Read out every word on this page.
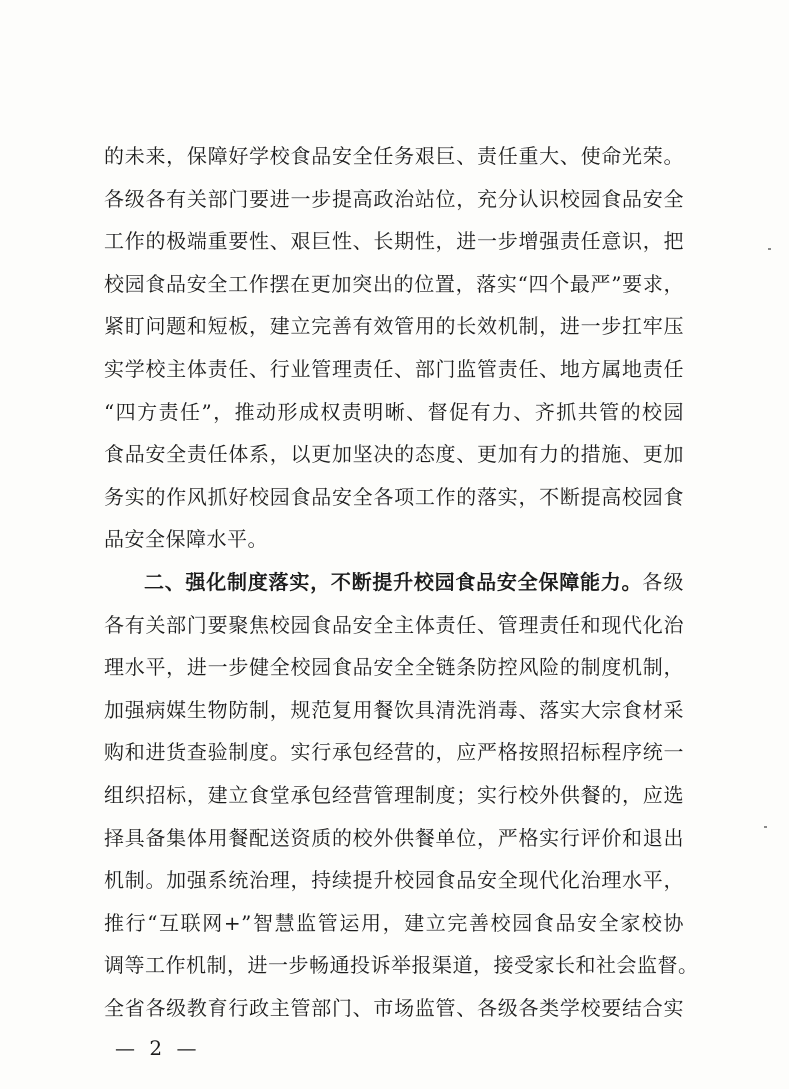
的未来，保障好学校食品安全任务艰巨、责任重大、使命光荣。
各级各有关部门要进一步提高政治站位，充分认识校园食品安全
工作的极端重要性、艰巨性、长期性，进一步增强责任意识，把
校园食品安全工作摆在更加突出的位置，落实“四个最严”要求，
紧盯问题和短板，建立完善有效管用的长效机制，进一步扛牢压
实学校主体责任、行业管理责任、部门监管责任、地方属地责任
“四方责任”，推动形成权责明晰、督促有力、齐抓共管的校园
食品安全责任体系，以更加坚决的态度、更加有力的措施、更加
务实的作风抓好校园食品安全各项工作的落实，不断提高校园食
品安全保障水平。
二、强化制度落实，不断提升校园食品安全保障能力。各级
各有关部门要聚焦校园食品安全主体责任、管理责任和现代化治
理水平，进一步健全校园食品安全全链条防控风险的制度机制，
加强病媒生物防制，规范复用餐饮具清洗消毒、落实大宗食材采
购和进货查验制度。实行承包经营的，应严格按照招标程序统一
组织招标，建立食堂承包经营管理制度；实行校外供餐的，应选
择具备集体用餐配送资质的校外供餐单位，严格实行评价和退出
机制。加强系统治理，持续提升校园食品安全现代化治理水平，
推行“互联网+”智慧监管运用，建立完善校园食品安全家校协
— 2 —
调等工作机制，进一步畅通投诉举报渠道，接受家长和社会监督。
全省各级教育行政主管部门、市场监管、各级各类学校要结合实
